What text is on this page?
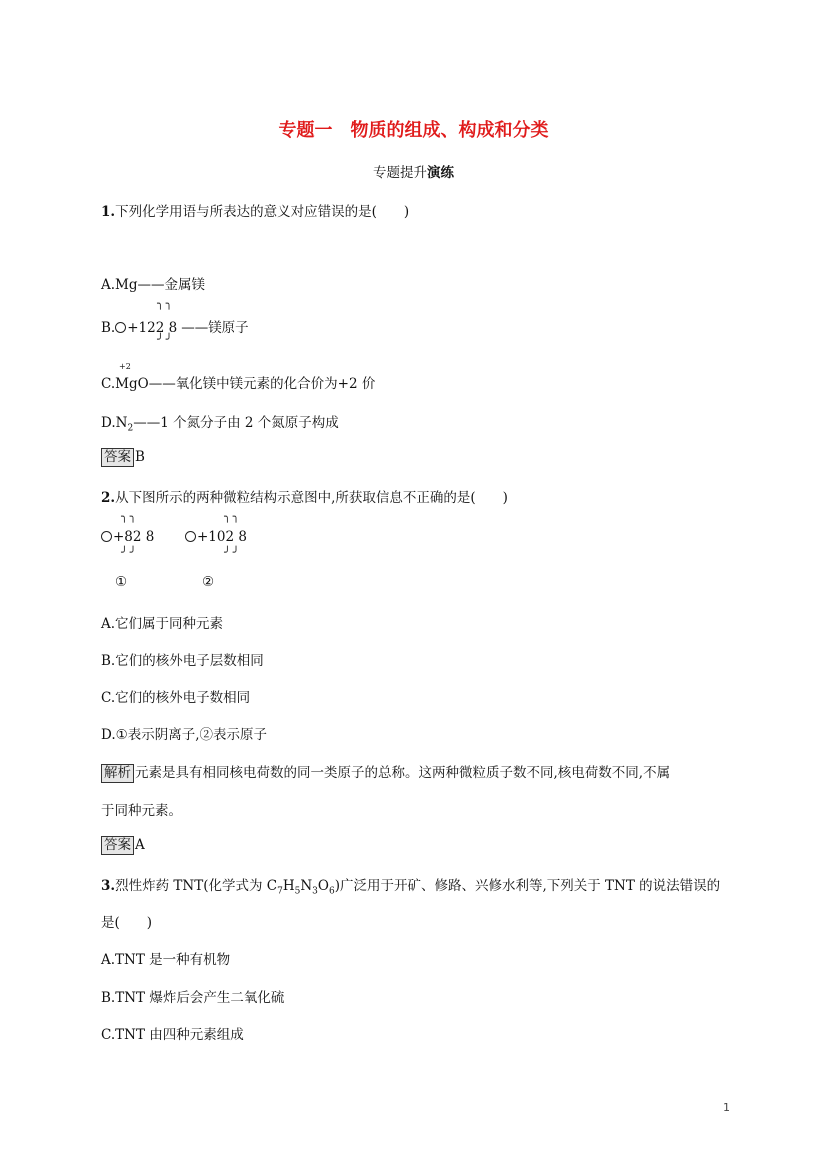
专题一　物质的组成、构成和分类
专题提升演练
1.下列化学用语与所表达的意义对应错误的是(　　)
A.Mg——金属镁
╮╮
B. +122 8 ——镁原子
╯╯
+2
C.MgO——氧化镁中镁元素的化合价为+2 价
$D.N_2——1$ 个氮分子由 2 个氮原子构成
答案 B
2.从下图所示的两种微粒结构示意图中,所获取信息不正确的是(　　)
╮╮	╮╮
+82 8	+102 8
╯╯	╯╯
①	②
A.它们属于同种元素
B.它们的核外电子层数相同
C.它们的核外电子数相同
D.①表示阴离子,②表示原子
解析 元素是具有相同核电荷数的同一类原子的总称。这两种微粒质子数不同,核电荷数不同,不属
于同种元素。
答案 A
3.烈性炸药 TNT(化学式为 $C_7H_5N_3O_6$)广泛用于开矿、修路、兴修水利等,下列关于 TNT 的说法错误的
是(　　)
A.TNT 是一种有机物
B.TNT 爆炸后会产生二氧化硫
C.TNT 由四种元素组成
1
